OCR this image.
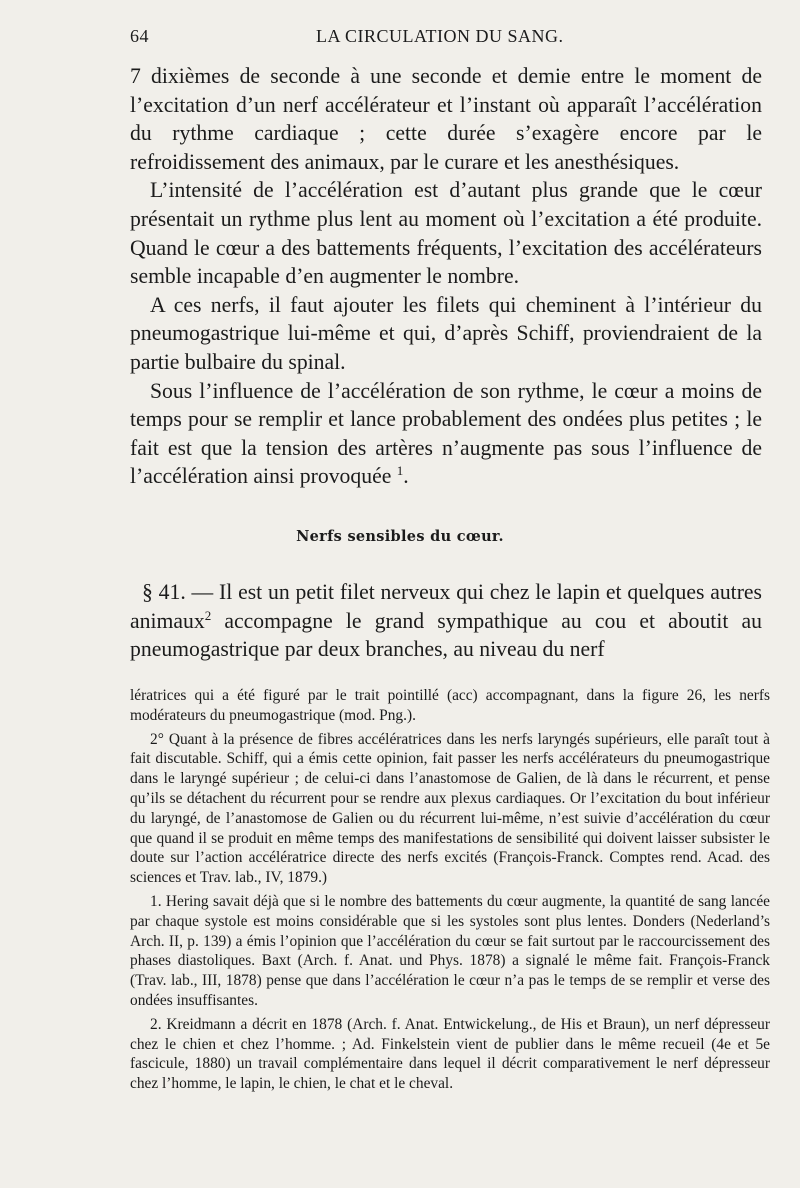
64	LA CIRCULATION DU SANG.

7 dixièmes de seconde à une seconde et demie entre le moment de l’excitation d’un nerf accélérateur et l’instant où apparaît l’accélération du rythme cardiaque ; cette durée s’exagère encore par le refroidissement des animaux, par le curare et les anesthésiques.

L’intensité de l’accélération est d’autant plus grande que le cœur présentait un rythme plus lent au moment où l’excitation a été produite. Quand le cœur a des battements fréquents, l’excitation des accélérateurs semble incapable d’en augmenter le nombre.

A ces nerfs, il faut ajouter les filets qui cheminent à l’intérieur du pneumogastrique lui-même et qui, d’après Schiff, proviendraient de la partie bulbaire du spinal.

Sous l’influence de l’accélération de son rythme, le cœur a moins de temps pour se remplir et lance probablement des ondées plus petites ; le fait est que la tension des artères n’augmente pas sous l’influence de l’accélération ainsi provoquée $^1$.

Nerfs sensibles du cœur.

§ 41. — Il est un petit filet nerveux qui chez le lapin et quelques autres animaux$^2$ accompagne le grand sympathique au cou et aboutit au pneumogastrique par deux branches, au niveau du nerf

lératrices qui a été figuré par le trait pointillé (acc) accompagnant, dans la figure 26, les nerfs modérateurs du pneumogastrique (mod. Png.).

2° Quant à la présence de fibres accélératrices dans les nerfs laryngés supérieurs, elle paraît tout à fait discutable. Schiff, qui a émis cette opinion, fait passer les nerfs accélérateurs du pneumogastrique dans le laryngé supérieur ; de celui-ci dans l’anastomose de Galien, de là dans le récurrent, et pense qu’ils se détachent du récurrent pour se rendre aux plexus cardiaques. Or l’excitation du bout inférieur du laryngé, de l’anastomose de Galien ou du récurrent lui-même, n’est suivie d’accélération du cœur que quand il se produit en même temps des manifestations de sensibilité qui doivent laisser subsister le doute sur l’action accélératrice directe des nerfs excités (François-Franck. Comptes rend. Acad. des sciences et Trav. lab., IV, 1879.)

1. Hering savait déjà que si le nombre des battements du cœur augmente, la quantité de sang lancée par chaque systole est moins considérable que si les systoles sont plus lentes. Donders (Nederland’s Arch. II, p. 139) a émis l’opinion que l’accélération du cœur se fait surtout par le raccourcissement des phases diastoliques. Baxt (Arch. f. Anat. und Phys. 1878) a signalé le même fait. François-Franck (Trav. lab., III, 1878) pense que dans l’accélération le cœur n’a pas le temps de se remplir et verse des ondées insuffisantes.

2. Kreidmann a décrit en 1878 (Arch. f. Anat. Entwickelung., de His et Braun), un nerf dépresseur chez le chien et chez l’homme. ; Ad. Finkelstein vient de publier dans le même recueil (4e et 5e fascicule, 1880) un travail complémentaire dans lequel il décrit comparativement le nerf dépresseur chez l’homme, le lapin, le chien, le chat et le cheval.
